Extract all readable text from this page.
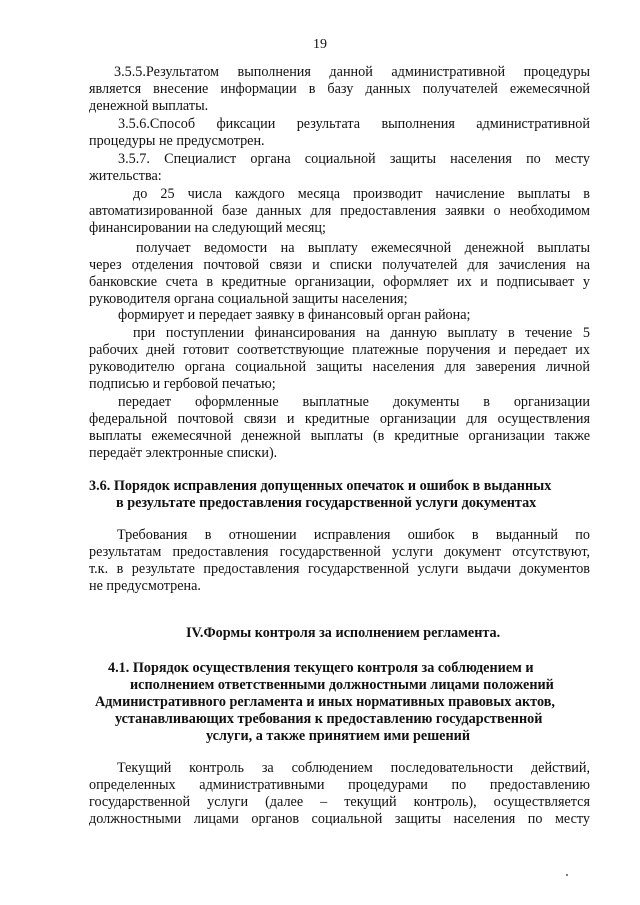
19

3.5.5.Результатом выполнения данной административной процедуры

является внесение информации в базу данных получателей ежемесячной

денежной выплаты.

3.5.6.Способ фиксации результата выполнения административной

процедуры не предусмотрен.

3.5.7. Специалист органа социальной защиты населения по месту

жительства:

до 25 числа каждого месяца производит начисление выплаты в

автоматизированной базе данных для предоставления заявки о необходимом

финансировании на следующий месяц;

получает ведомости на выплату ежемесячной денежной выплаты

через отделения почтовой связи и списки получателей для зачисления на

банковские счета в кредитные организации, оформляет их и подписывает у

руководителя органа социальной защиты населения;

формирует и передает заявку в финансовый орган района;

при поступлении финансирования на данную выплату в течение 5

рабочих дней готовит соответствующие платежные поручения и передает их

руководителю органа социальной защиты населения для заверения личной

подписью и гербовой печатью;

передает оформленные выплатные документы в организации

федеральной почтовой связи и кредитные организации для осуществления

выплаты ежемесячной денежной выплаты (в кредитные организации также

передаёт электронные списки).

3.6. Порядок исправления допущенных опечаток и ошибок в выданных

в результате предоставления государственной услуги документах

Требования в отношении исправления ошибок в выданный по

результатам предоставления государственной услуги документ отсутствуют,

т.к. в результате предоставления государственной услуги выдачи документов

не предусмотрена.

IV.Формы контроля за исполнением регламента.

4.1. Порядок осуществления текущего контроля за соблюдением и

исполнением ответственными должностными лицами положений

Административного регламента и иных нормативных правовых актов,

устанавливающих требования к предоставлению государственной

услуги, а также принятием ими решений

Текущий контроль за соблюдением последовательности действий,

определенных административными процедурами по предоставлению

государственной услуги (далее – текущий контроль), осуществляется

должностными лицами органов социальной защиты населения по месту
